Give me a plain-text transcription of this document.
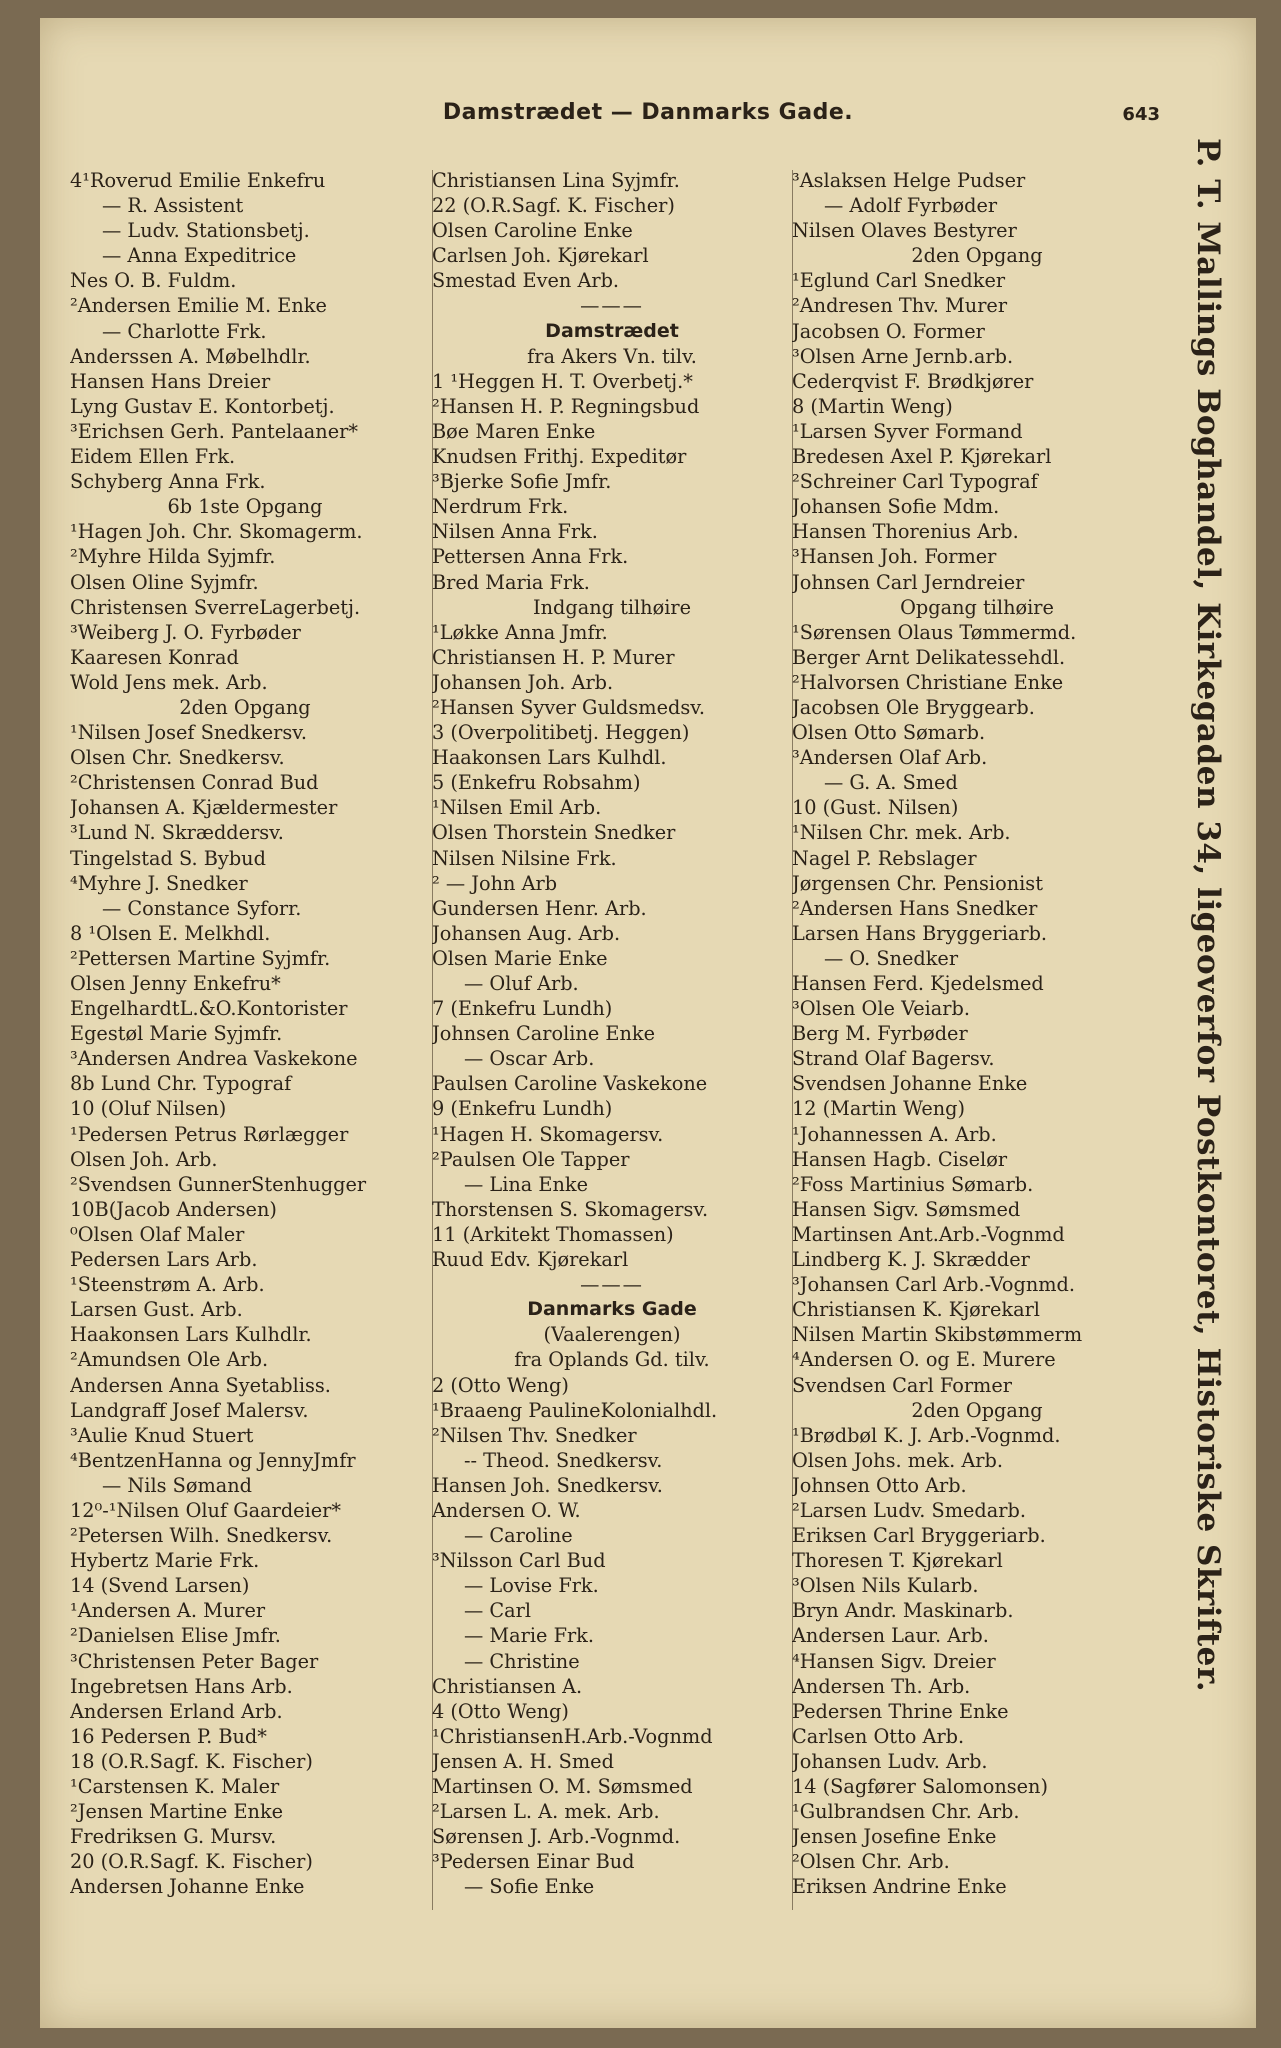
Damstrædet — Danmarks Gade.	643
4¹Roverud Emilie Enkefru
— R. Assistent
— Ludv. Stationsbetj.
— Anna Expeditrice
Nes O. B. Fuldm.
²Andersen Emilie M. Enke
— Charlotte Frk.
Anderssen A. Møbelhdlr.
Hansen Hans Dreier
Lyng Gustav E. Kontorbetj.
³Erichsen Gerh. Pantelaaner*
Eidem Ellen Frk.
Schyberg Anna Frk.
6b 1ste Opgang
¹Hagen Joh. Chr. Skomagerm.
²Myhre Hilda Syjmfr.
Olsen Oline Syjmfr.
Christensen SverreLagerbetj.
³Weiberg J. O. Fyrbøder
Kaaresen Konrad
Wold Jens mek. Arb.
2den Opgang
¹Nilsen Josef Snedkersv.
Olsen Chr. Snedkersv.
²Christensen Conrad Bud
Johansen A. Kjældermester
³Lund N. Skræddersv.
Tingelstad S. Bybud
⁴Myhre J. Snedker
— Constance Syforr.
8 ¹Olsen E. Melkhdl.
²Pettersen Martine Syjmfr.
Olsen Jenny Enkefru*
EngelhardtL.&O.Kontorister
Egestøl Marie Syjmfr.
³Andersen Andrea Vaskekone
8b Lund Chr. Typograf
10 (Oluf Nilsen)
¹Pedersen Petrus Rørlægger
Olsen Joh. Arb.
²Svendsen GunnerStenhugger
10B(Jacob Andersen)
⁰Olsen Olaf Maler
Pedersen Lars Arb.
¹Steenstrøm A. Arb.
Larsen Gust. Arb.
Haakonsen Lars Kulhdlr.
²Amundsen Ole Arb.
Andersen Anna Syetabliss.
Landgraff Josef Malersv.
³Aulie Knud Stuert
⁴BentzenHanna og JennyJmfr
— Nils Sømand
12⁰-¹Nilsen Oluf Gaardeier*
²Petersen Wilh. Snedkersv.
Hybertz Marie Frk.
14 (Svend Larsen)
¹Andersen A. Murer
²Danielsen Elise Jmfr.
³Christensen Peter Bager
Ingebretsen Hans Arb.
Andersen Erland Arb.
16 Pedersen P. Bud*
18 (O.R.Sagf. K. Fischer)
¹Carstensen K. Maler
²Jensen Martine Enke
Fredriksen G. Mursv.
20 (O.R.Sagf. K. Fischer)
Andersen Johanne Enke
Christiansen Lina Syjmfr.
22 (O.R.Sagf. K. Fischer)
Olsen Caroline Enke
Carlsen Joh. Kjørekarl
Smestad Even Arb.
———
Damstrædet
fra Akers Vn. tilv.
1 ¹Heggen H. T. Overbetj.*
²Hansen H. P. Regningsbud
Bøe Maren Enke
Knudsen Frithj. Expeditør
³Bjerke Sofie Jmfr.
Nerdrum Frk.
Nilsen Anna Frk.
Pettersen Anna Frk.
Bred Maria Frk.
Indgang tilhøire
¹Løkke Anna Jmfr.
Christiansen H. P. Murer
Johansen Joh. Arb.
²Hansen Syver Guldsmedsv.
3 (Overpolitibetj. Heggen)
Haakonsen Lars Kulhdl.
5 (Enkefru Robsahm)
¹Nilsen Emil Arb.
Olsen Thorstein Snedker
Nilsen Nilsine Frk.
² — John Arb
Gundersen Henr. Arb.
Johansen Aug. Arb.
Olsen Marie Enke
— Oluf Arb.
7 (Enkefru Lundh)
Johnsen Caroline Enke
— Oscar Arb.
Paulsen Caroline Vaskekone
9 (Enkefru Lundh)
¹Hagen H. Skomagersv.
²Paulsen Ole Tapper
— Lina Enke
Thorstensen S. Skomagersv.
11 (Arkitekt Thomassen)
Ruud Edv. Kjørekarl
———
Danmarks Gade
(Vaalerengen)
fra Oplands Gd. tilv.
2 (Otto Weng)
¹Braaeng PaulineKolonialhdl.
²Nilsen Thv. Snedker
-- Theod. Snedkersv.
Hansen Joh. Snedkersv.
Andersen O. W.
— Caroline
³Nilsson Carl Bud
— Lovise Frk.
— Carl
— Marie Frk.
— Christine
Christiansen A.
4 (Otto Weng)
¹ChristiansenH.Arb.-Vognmd
Jensen A. H. Smed
Martinsen O. M. Sømsmed
²Larsen L. A. mek. Arb.
Sørensen J. Arb.-Vognmd.
³Pedersen Einar Bud
— Sofie Enke
³Aslaksen Helge Pudser
— Adolf Fyrbøder
Nilsen Olaves Bestyrer
2den Opgang
¹Eglund Carl Snedker
²Andresen Thv. Murer
Jacobsen O. Former
³Olsen Arne Jernb.arb.
Cederqvist F. Brødkjører
8 (Martin Weng)
¹Larsen Syver Formand
Bredesen Axel P. Kjørekarl
²Schreiner Carl Typograf
Johansen Sofie Mdm.
Hansen Thorenius Arb.
³Hansen Joh. Former
Johnsen Carl Jerndreier
Opgang tilhøire
¹Sørensen Olaus Tømmermd.
Berger Arnt Delikatessehdl.
²Halvorsen Christiane Enke
Jacobsen Ole Bryggearb.
Olsen Otto Sømarb.
³Andersen Olaf Arb.
— G. A. Smed
10 (Gust. Nilsen)
¹Nilsen Chr. mek. Arb.
Nagel P. Rebslager
Jørgensen Chr. Pensionist
²Andersen Hans Snedker
Larsen Hans Bryggeriarb.
— O. Snedker
Hansen Ferd. Kjedelsmed
³Olsen Ole Veiarb.
Berg M. Fyrbøder
Strand Olaf Bagersv.
Svendsen Johanne Enke
12 (Martin Weng)
¹Johannessen A. Arb.
Hansen Hagb. Ciselør
²Foss Martinius Sømarb.
Hansen Sigv. Sømsmed
Martinsen Ant.Arb.-Vognmd
Lindberg K. J. Skrædder
³Johansen Carl Arb.-Vognmd.
Christiansen K. Kjørekarl
Nilsen Martin Skibstømmerm
⁴Andersen O. og E. Murere
Svendsen Carl Former
2den Opgang
¹Brødbøl K. J. Arb.-Vognmd.
Olsen Johs. mek. Arb.
Johnsen Otto Arb.
²Larsen Ludv. Smedarb.
Eriksen Carl Bryggeriarb.
Thoresen T. Kjørekarl
³Olsen Nils Kularb.
Bryn Andr. Maskinarb.
Andersen Laur. Arb.
⁴Hansen Sigv. Dreier
Andersen Th. Arb.
Pedersen Thrine Enke
Carlsen Otto Arb.
Johansen Ludv. Arb.
14 (Sagfører Salomonsen)
¹Gulbrandsen Chr. Arb.
Jensen Josefine Enke
²Olsen Chr. Arb.
Eriksen Andrine Enke
P. T. Mallings Boghandel, Kirkegaden 34, ligeoverfor Postkontoret, Historiske Skrifter.
